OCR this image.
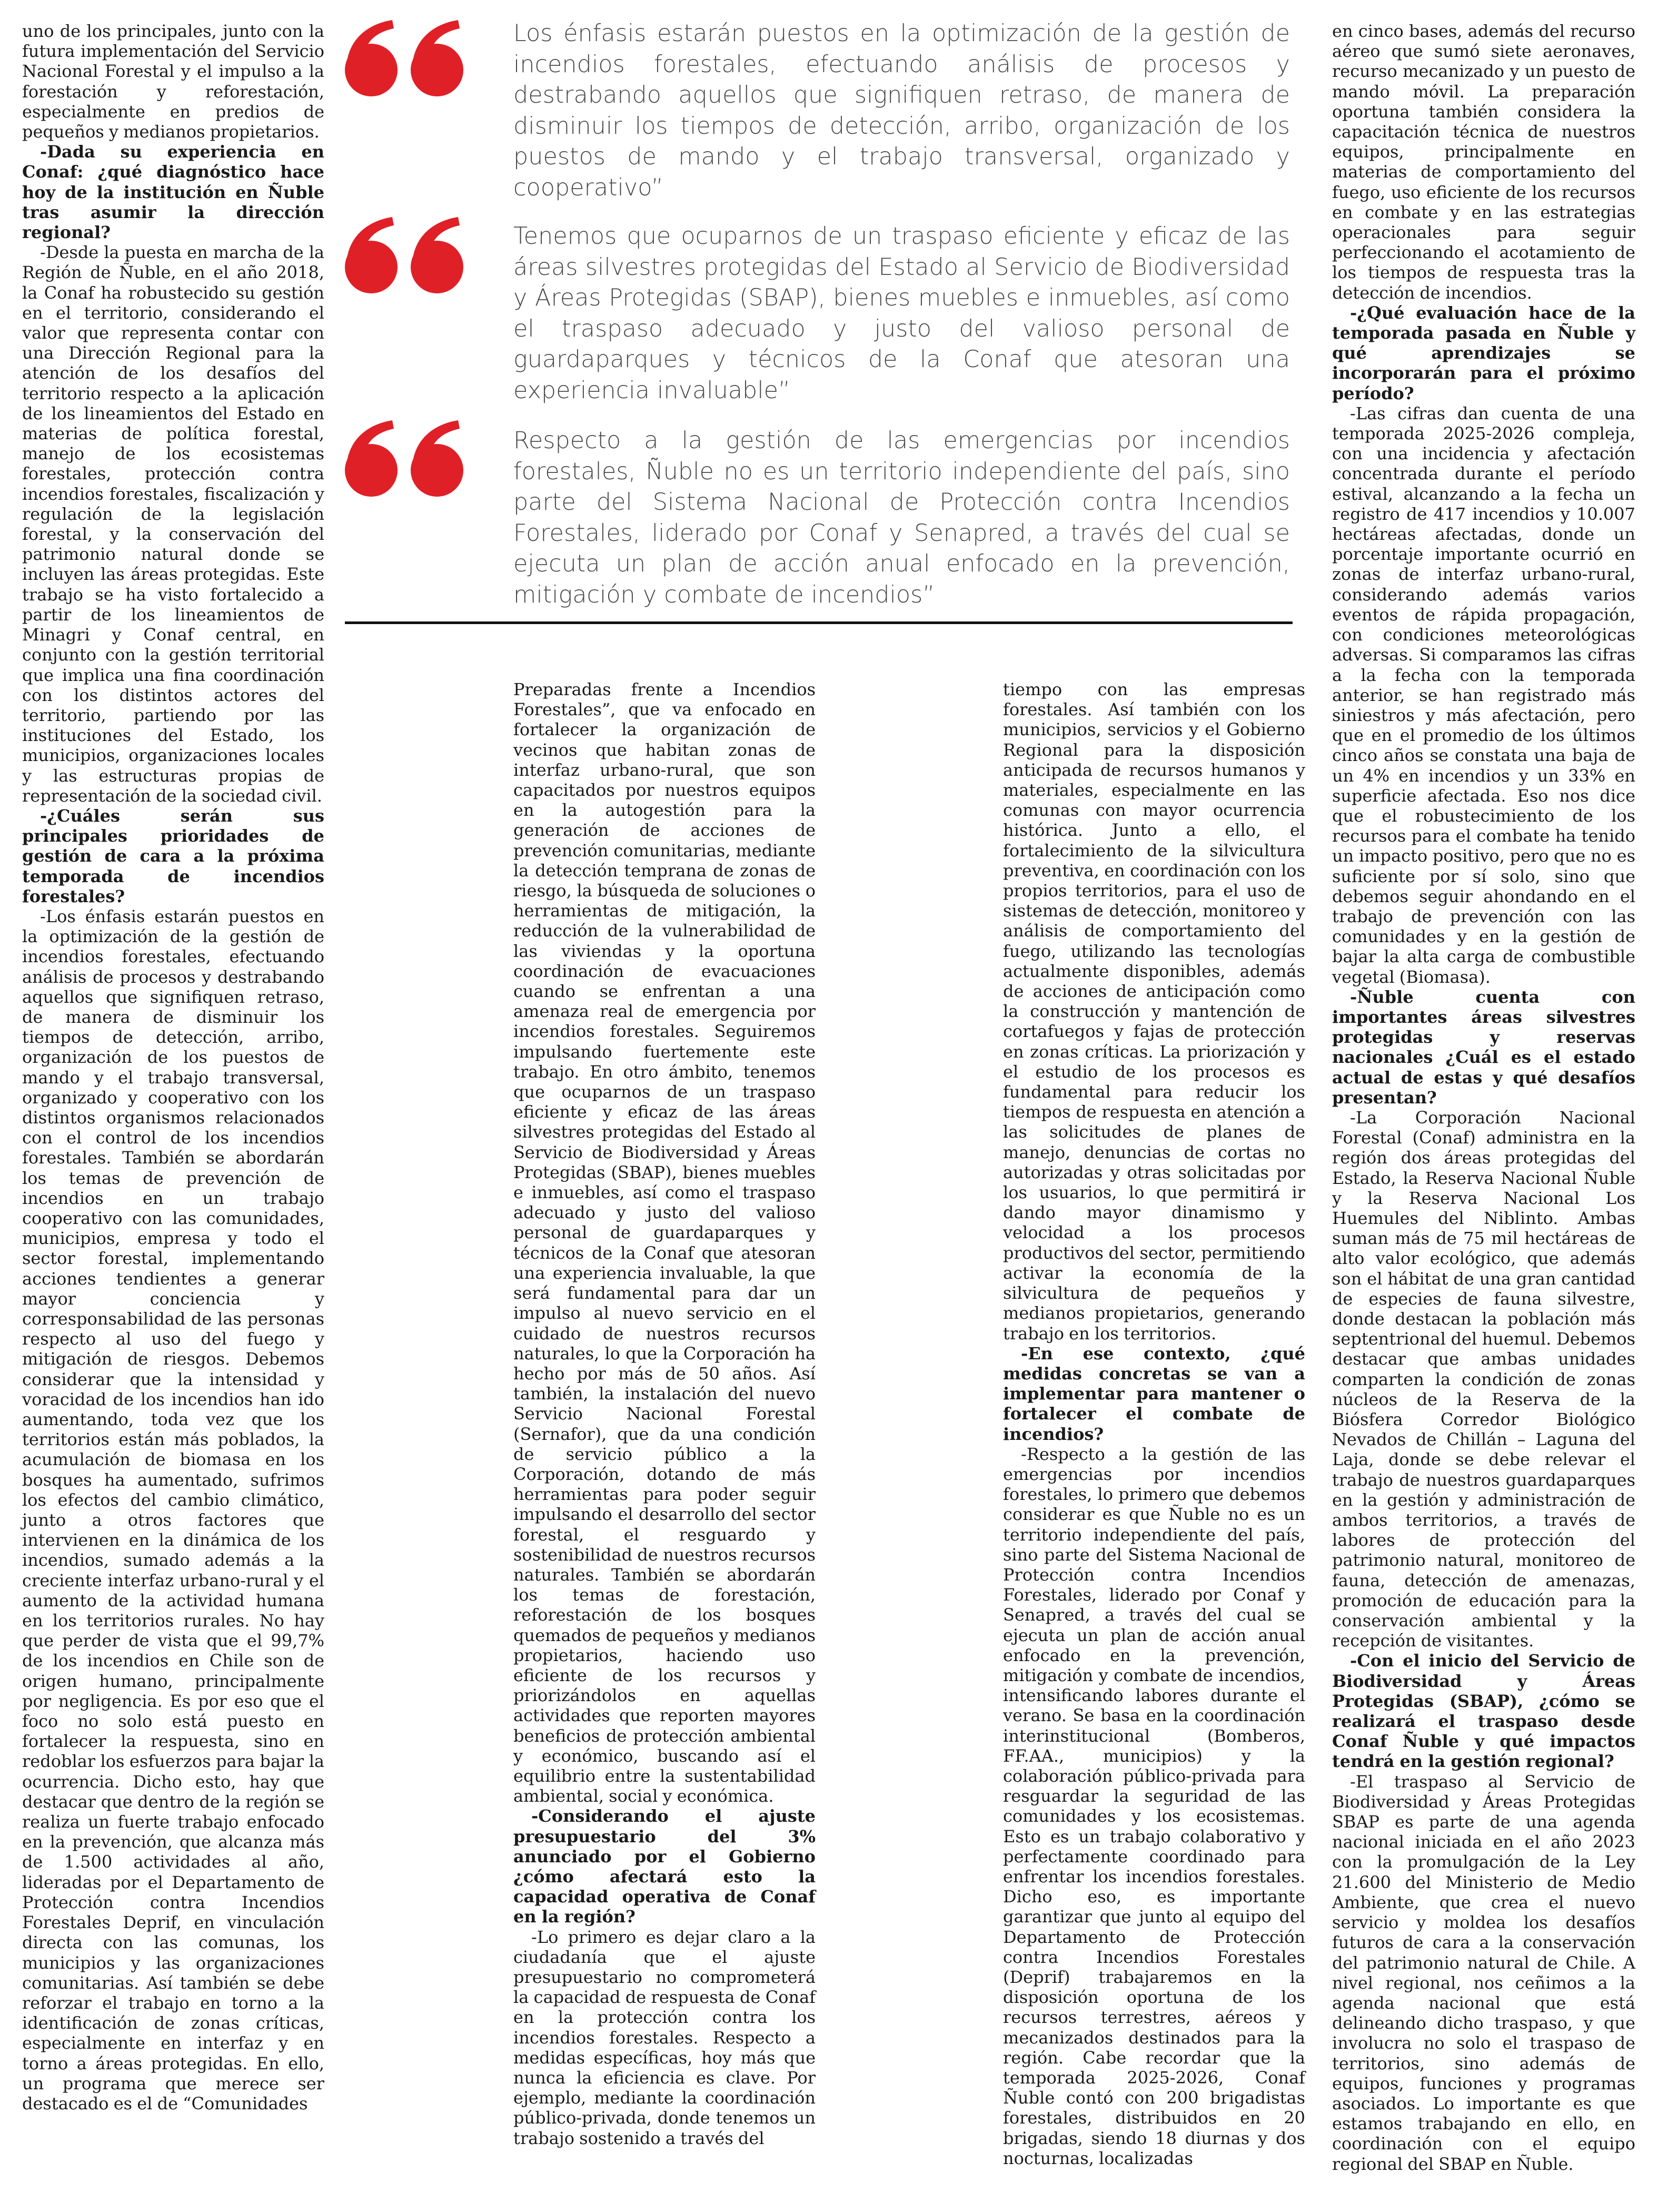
uno de los principales, junto con la futura implementación del Servicio Nacional Forestal y el impulso a la forestación y reforestación, especialmente en predios de pequeños y medianos propietarios.

-Dada su experiencia en Conaf: ¿qué diagnóstico hace hoy de la institución en Ñuble tras asumir la dirección regional?

-Desde la puesta en marcha de la Región de Ñuble, en el año 2018, la Conaf ha robustecido su gestión en el territorio, considerando el valor que representa contar con una Dirección Regional para la atención de los desafíos del territorio respecto a la aplicación de los lineamientos del Estado en materias de política forestal, manejo de los ecosistemas forestales, protección contra incendios forestales, fiscalización y regulación de la legislación forestal, y la conservación del patrimonio natural donde se incluyen las áreas protegidas. Este trabajo se ha visto fortalecido a partir de los lineamientos de Minagri y Conaf central, en conjunto con la gestión territorial que implica una fina coordinación con los distintos actores del territorio, partiendo por las instituciones del Estado, los municipios, organizaciones locales y las estructuras propias de representación de la sociedad civil.

-¿Cuáles serán sus principales prioridades de gestión de cara a la próxima temporada de incendios forestales?

-Los énfasis estarán puestos en la optimización de la gestión de incendios forestales, efectuando análisis de procesos y destrabando aquellos que signifiquen retraso, de manera de disminuir los tiempos de detección, arribo, organización de los puestos de mando y el trabajo transversal, organizado y cooperativo con los distintos organismos relacionados con el control de los incendios forestales. También se abordarán los temas de prevención de incendios en un trabajo cooperativo con las comunidades, municipios, empresa y todo el sector forestal, implementando acciones tendientes a generar mayor conciencia y corresponsabilidad de las personas respecto al uso del fuego y mitigación de riesgos. Debemos considerar que la intensidad y voracidad de los incendios han ido aumentando, toda vez que los territorios están más poblados, la acumulación de biomasa en los bosques ha aumentado, sufrimos los efectos del cambio climático, junto a otros factores que intervienen en la dinámica de los incendios, sumado además a la creciente interfaz urbano-rural y el aumento de la actividad humana en los territorios rurales. No hay que perder de vista que el 99,7% de los incendios en Chile son de origen humano, principalmente por negligencia. Es por eso que el foco no solo está puesto en fortalecer la respuesta, sino en redoblar los esfuerzos para bajar la ocurrencia. Dicho esto, hay que destacar que dentro de la región se realiza un fuerte trabajo enfocado en la prevención, que alcanza más de 1.500 actividades al año, lideradas por el Departamento de Protección contra Incendios Forestales Deprif, en vinculación directa con las comunas, los municipios y las organizaciones comunitarias. Así también se debe reforzar el trabajo en torno a la identificación de zonas críticas, especialmente en interfaz y en torno a áreas protegidas. En ello, un programa que merece ser destacado es el de “Comunidades

Los énfasis estarán puestos en la optimización de la gestión de incendios forestales, efectuando análisis de procesos y destrabando aquellos que signifiquen retraso, de manera de disminuir los tiempos de detección, arribo, organización de los puestos de mando y el trabajo transversal, organizado y cooperativo”

Tenemos que ocuparnos de un traspaso eficiente y eficaz de las áreas silvestres protegidas del Estado al Servicio de Biodiversidad y Áreas Protegidas (SBAP), bienes muebles e inmuebles, así como el traspaso adecuado y justo del valioso personal de guardaparques y técnicos de la Conaf que atesoran una experiencia invaluable”

Respecto a la gestión de las emergencias por incendios forestales, Ñuble no es un territorio independiente del país, sino parte del Sistema Nacional de Protección contra Incendios Forestales, liderado por Conaf y Senapred, a través del cual se ejecuta un plan de acción anual enfocado en la prevención, mitigación y combate de incendios”

Preparadas frente a Incendios Forestales”, que va enfocado en fortalecer la organización de vecinos que habitan zonas de interfaz urbano-rural, que son capacitados por nuestros equipos en la autogestión para la generación de acciones de prevención comunitarias, mediante la detección temprana de zonas de riesgo, la búsqueda de soluciones o herramientas de mitigación, la reducción de la vulnerabilidad de las viviendas y la oportuna coordinación de evacuaciones cuando se enfrentan a una amenaza real de emergencia por incendios forestales. Seguiremos impulsando fuertemente este trabajo. En otro ámbito, tenemos que ocuparnos de un traspaso eficiente y eficaz de las áreas silvestres protegidas del Estado al Servicio de Biodiversidad y Áreas Protegidas (SBAP), bienes muebles e inmuebles, así como el traspaso adecuado y justo del valioso personal de guardaparques y técnicos de la Conaf que atesoran una experiencia invaluable, la que será fundamental para dar un impulso al nuevo servicio en el cuidado de nuestros recursos naturales, lo que la Corporación ha hecho por más de 50 años. Así también, la instalación del nuevo Servicio Nacional Forestal (Sernafor), que da una condición de servicio público a la Corporación, dotando de más herramientas para poder seguir impulsando el desarrollo del sector forestal, el resguardo y sostenibilidad de nuestros recursos naturales. También se abordarán los temas de forestación, reforestación de los bosques quemados de pequeños y medianos propietarios, haciendo uso eficiente de los recursos y priorizándolos en aquellas actividades que reporten mayores beneficios de protección ambiental y económico, buscando así el equilibrio entre la sustentabilidad ambiental, social y económica.

-Considerando el ajuste presupuestario del 3% anunciado por el Gobierno ¿cómo afectará esto la capacidad operativa de Conaf en la región?

-Lo primero es dejar claro a la ciudadanía que el ajuste presupuestario no comprometerá la capacidad de respuesta de Conaf en la protección contra los incendios forestales. Respecto a medidas específicas, hoy más que nunca la eficiencia es clave. Por ejemplo, mediante la coordinación público-privada, donde tenemos un trabajo sostenido a través del

tiempo con las empresas forestales. Así también con los municipios, servicios y el Gobierno Regional para la disposición anticipada de recursos humanos y materiales, especialmente en las comunas con mayor ocurrencia histórica. Junto a ello, el fortalecimiento de la silvicultura preventiva, en coordinación con los propios territorios, para el uso de sistemas de detección, monitoreo y análisis de comportamiento del fuego, utilizando las tecnologías actualmente disponibles, además de acciones de anticipación como la construcción y mantención de cortafuegos y fajas de protección en zonas críticas. La priorización y el estudio de los procesos es fundamental para reducir los tiempos de respuesta en atención a las solicitudes de planes de manejo, denuncias de cortas no autorizadas y otras solicitadas por los usuarios, lo que permitirá ir dando mayor dinamismo y velocidad a los procesos productivos del sector, permitiendo activar la economía de la silvicultura de pequeños y medianos propietarios, generando trabajo en los territorios.

-En ese contexto, ¿qué medidas concretas se van a implementar para mantener o fortalecer el combate de incendios?

-Respecto a la gestión de las emergencias por incendios forestales, lo primero que debemos considerar es que Ñuble no es un territorio independiente del país, sino parte del Sistema Nacional de Protección contra Incendios Forestales, liderado por Conaf y Senapred, a través del cual se ejecuta un plan de acción anual enfocado en la prevención, mitigación y combate de incendios, intensificando labores durante el verano. Se basa en la coordinación interinstitucional (Bomberos, FF.AA., municipios) y la colaboración público-privada para resguardar la seguridad de las comunidades y los ecosistemas. Esto es un trabajo colaborativo y perfectamente coordinado para enfrentar los incendios forestales. Dicho eso, es importante garantizar que junto al equipo del Departamento de Protección contra Incendios Forestales (Deprif) trabajaremos en la disposición oportuna de los recursos terrestres, aéreos y mecanizados destinados para la región. Cabe recordar que la temporada 2025-2026, Conaf Ñuble contó con 200 brigadistas forestales, distribuidos en 20 brigadas, siendo 18 diurnas y dos nocturnas, localizadas

en cinco bases, además del recurso aéreo que sumó siete aeronaves, recurso mecanizado y un puesto de mando móvil. La preparación oportuna también considera la capacitación técnica de nuestros equipos, principalmente en materias de comportamiento del fuego, uso eficiente de los recursos en combate y en las estrategias operacionales para seguir perfeccionando el acotamiento de los tiempos de respuesta tras la detección de incendios.

-¿Qué evaluación hace de la temporada pasada en Ñuble y qué aprendizajes se incorporarán para el próximo período?

-Las cifras dan cuenta de una temporada 2025-2026 compleja, con una incidencia y afectación concentrada durante el período estival, alcanzando a la fecha un registro de 417 incendios y 10.007 hectáreas afectadas, donde un porcentaje importante ocurrió en zonas de interfaz urbano-rural, considerando además varios eventos de rápida propagación, con condiciones meteorológicas adversas. Si comparamos las cifras a la fecha con la temporada anterior, se han registrado más siniestros y más afectación, pero que en el promedio de los últimos cinco años se constata una baja de un 4% en incendios y un 33% en superficie afectada. Eso nos dice que el robustecimiento de los recursos para el combate ha tenido un impacto positivo, pero que no es suficiente por sí solo, sino que debemos seguir ahondando en el trabajo de prevención con las comunidades y en la gestión de bajar la alta carga de combustible vegetal (Biomasa).

-Ñuble cuenta con importantes áreas silvestres protegidas y reservas nacionales ¿Cuál es el estado actual de estas y qué desafíos presentan?

-La Corporación Nacional Forestal (Conaf) administra en la región dos áreas protegidas del Estado, la Reserva Nacional Ñuble y la Reserva Nacional Los Huemules del Niblinto. Ambas suman más de 75 mil hectáreas de alto valor ecológico, que además son el hábitat de una gran cantidad de especies de fauna silvestre, donde destacan la población más septentrional del huemul. Debemos destacar que ambas unidades comparten la condición de zonas núcleos de la Reserva de la Biósfera Corredor Biológico Nevados de Chillán – Laguna del Laja, donde se debe relevar el trabajo de nuestros guardaparques en la gestión y administración de ambos territorios, a través de labores de protección del patrimonio natural, monitoreo de fauna, detección de amenazas, promoción de educación para la conservación ambiental y la recepción de visitantes.

-Con el inicio del Servicio de Biodiversidad y Áreas Protegidas (SBAP), ¿cómo se realizará el traspaso desde Conaf Ñuble y qué impactos tendrá en la gestión regional?

-El traspaso al Servicio de Biodiversidad y Áreas Protegidas SBAP es parte de una agenda nacional iniciada en el año 2023 con la promulgación de la Ley 21.600 del Ministerio de Medio Ambiente, que crea el nuevo servicio y moldea los desafíos futuros de cara a la conservación del patrimonio natural de Chile. A nivel regional, nos ceñimos a la agenda nacional que está delineando dicho traspaso, y que involucra no solo el traspaso de territorios, sino además de equipos, funciones y programas asociados. Lo importante es que estamos trabajando en ello, en coordinación con el equipo regional del SBAP en Ñuble.
